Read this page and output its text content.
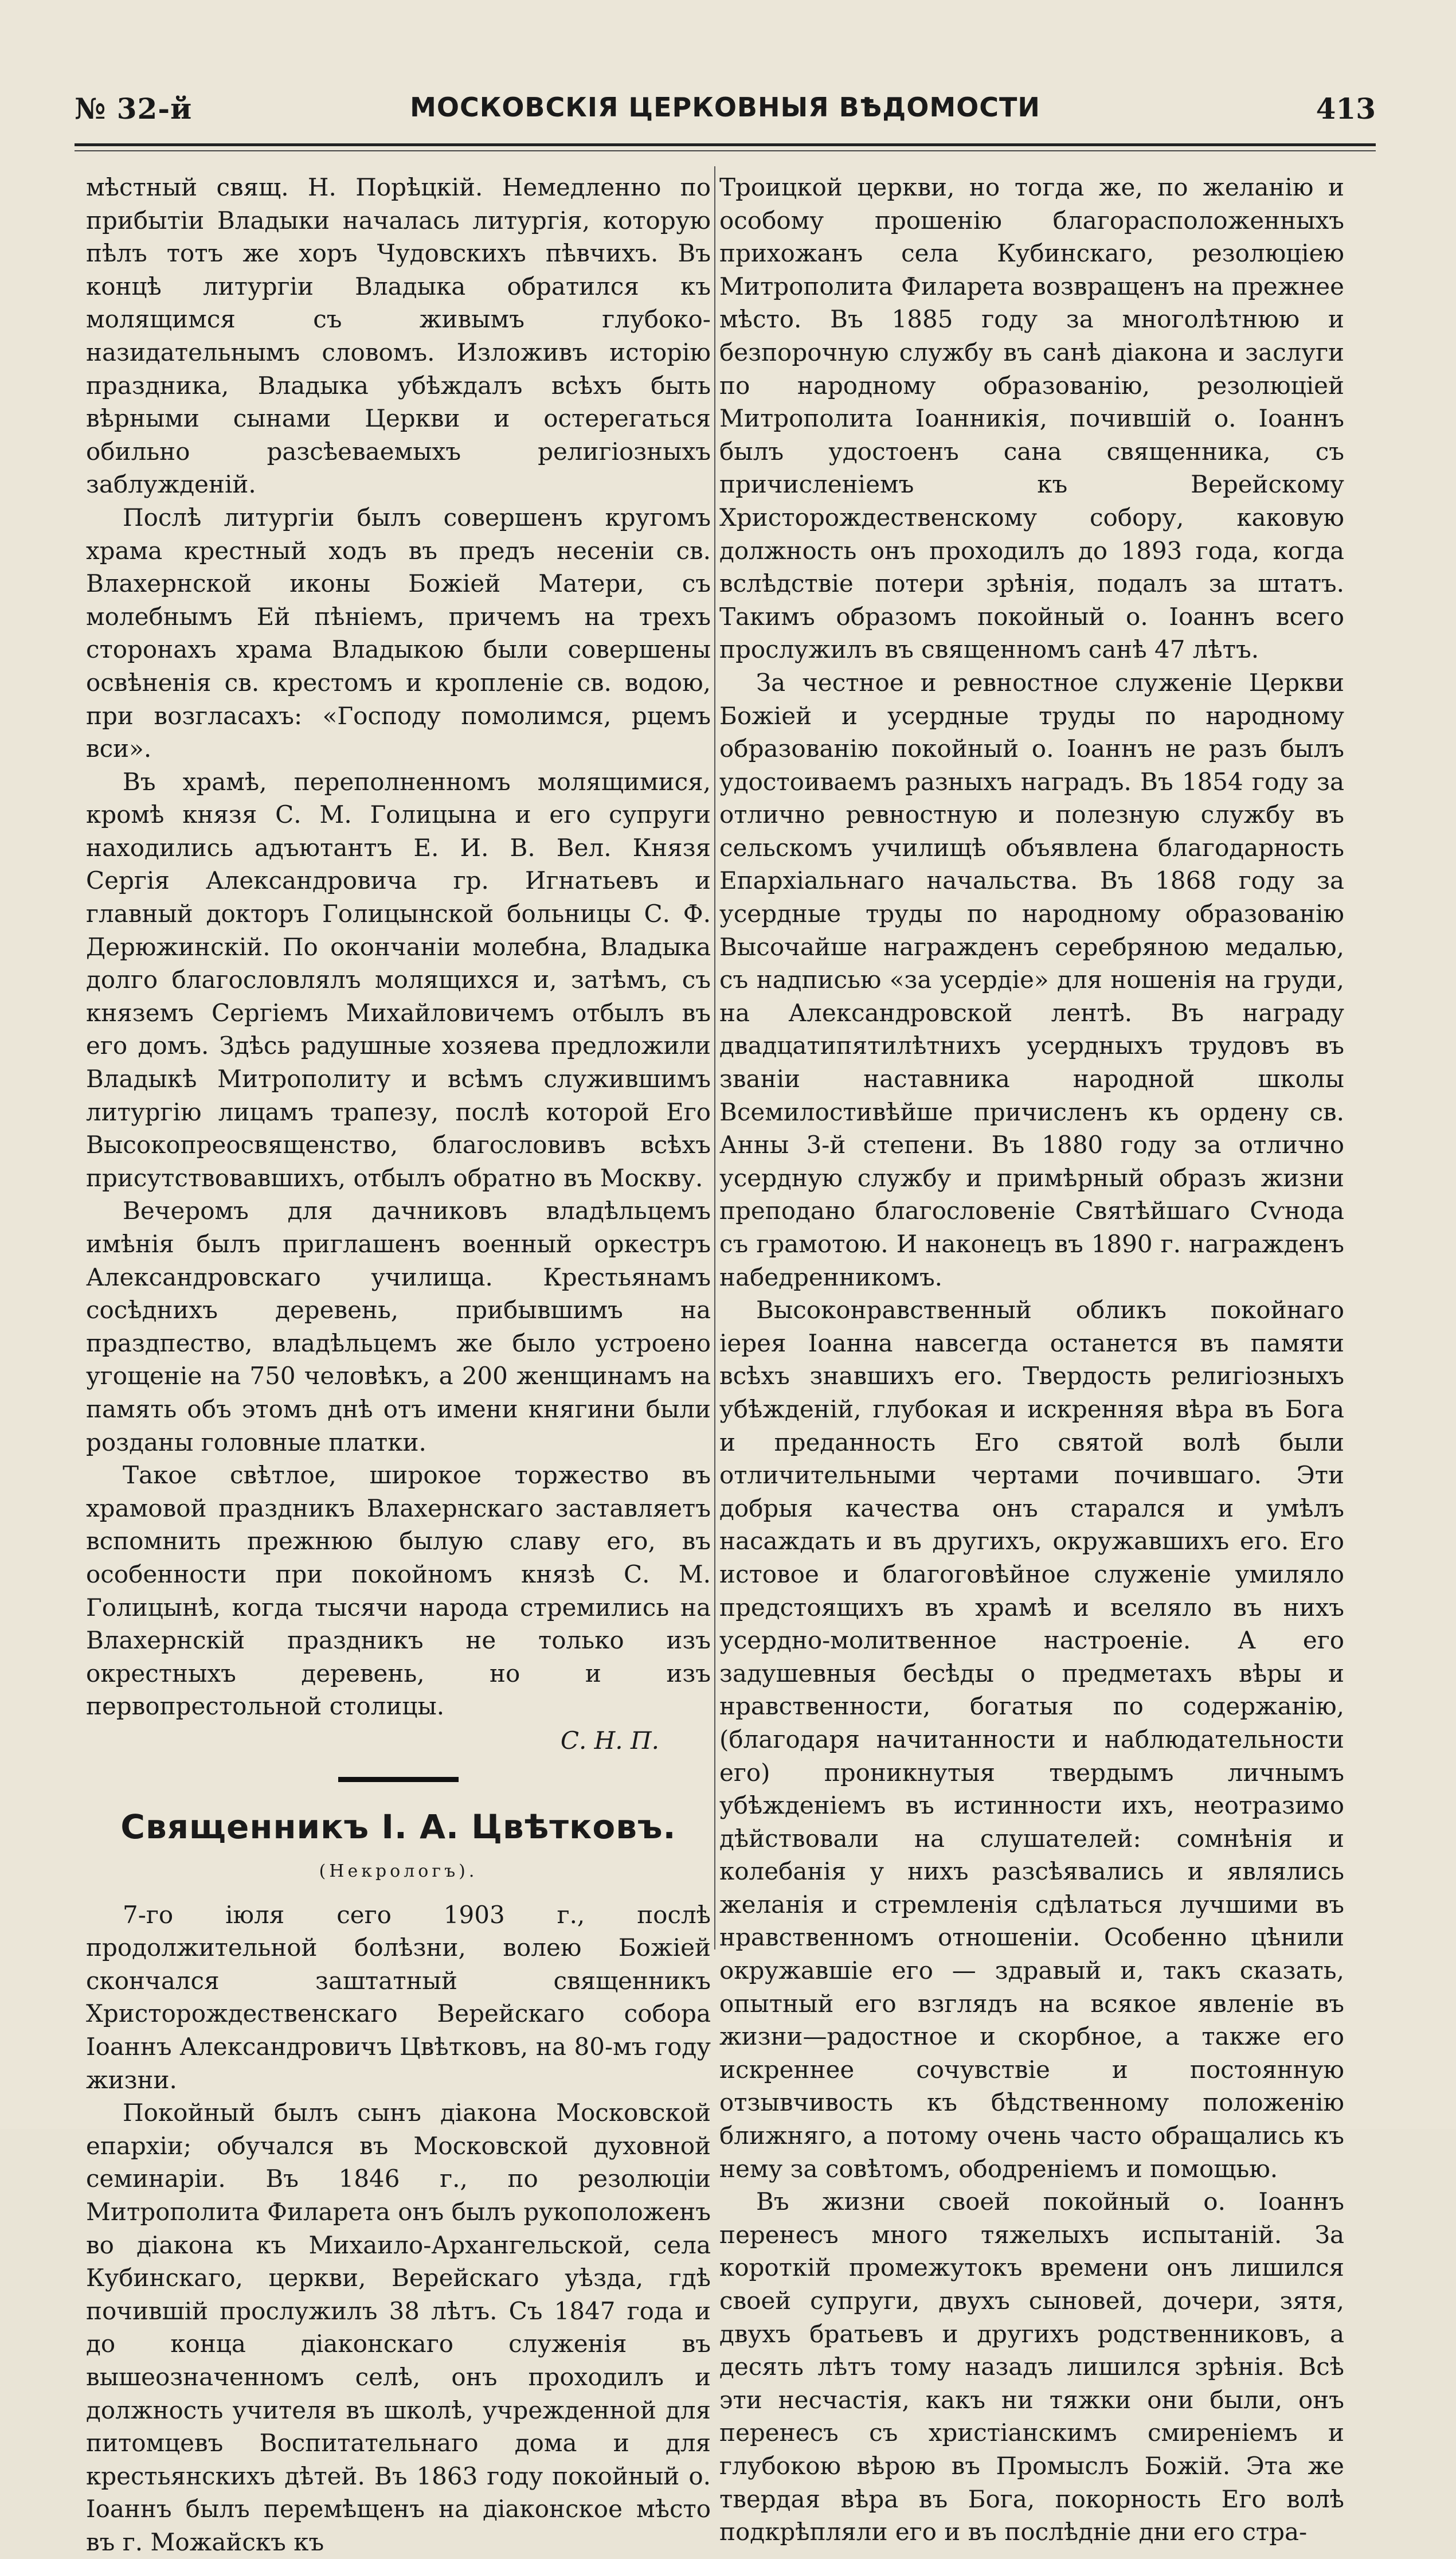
№ 32-й	МОСКОВСКІЯ ЦЕРКОВНЫЯ ВѢДОМОСТИ	413

мѣстный свящ. Н. Порѣцкій. Немедленно по прибытіи Владыки началась литургія, которую пѣлъ тотъ же хоръ Чудовскихъ пѣвчихъ. Въ концѣ литургіи Владыка обратился къ молящимся съ живымъ глубоко-назидательнымъ словомъ. Изложивъ исторію праздника, Владыка убѣждалъ всѣхъ быть вѣрными сынами Церкви и остерегаться обильно разсѣеваемыхъ религіозныхъ заблужденій.

Послѣ литургіи былъ совершенъ кругомъ храма крестный ходъ въ предъ несеніи св. Влахернской иконы Божіей Матери, съ молебнымъ Ей пѣніемъ, причемъ на трехъ сторонахъ храма Владыкою были совершены освѣненія св. крестомъ и кропленіе св. водою, при возгласахъ: «Господу помолимся, рцемъ вси».

Въ храмѣ, переполненномъ молящимися, кромѣ князя С. М. Голицына и его супруги находились адъютантъ Е. И. В. Вел. Князя Сергія Александровича гр. Игнатьевъ и главный докторъ Голицынской больницы С. Ф. Дерюжинскій. По окончаніи молебна, Владыка долго благословлялъ молящихся и, затѣмъ, съ княземъ Сергіемъ Михайловичемъ отбылъ въ его домъ. Здѣсь радушные хозяева предложили Владыкѣ Митрополиту и всѣмъ служившимъ литургію лицамъ трапезу, послѣ которой Его Высокопреосвященство, благословивъ всѣхъ присутствовавшихъ, отбылъ обратно въ Москву.

Вечеромъ для дачниковъ владѣльцемъ имѣнія былъ приглашенъ военный оркестръ Александровскаго училища. Крестьянамъ сосѣднихъ деревень, прибывшимъ на праздпество, владѣльцемъ же было устроено угощеніе на 750 человѣкъ, а 200 женщинамъ на память объ этомъ днѣ отъ имени княгини были розданы головные платки.

Такое свѣтлое, широкое торжество въ храмовой праздникъ Влахернскаго заставляетъ вспомнить прежнюю былую славу его, въ особенности при покойномъ князѣ С. М. Голицынѣ, когда тысячи народа стремились на Влахернскій праздникъ не только изъ окрестныхъ деревень, но и изъ первопрестольной столицы.

С. Н. П.
Священникъ І. А. Цвѣтковъ.
(Некрологъ).

7-го іюля сего 1903 г., послѣ продолжительной болѣзни, волею Божіей скончался заштатный священникъ Христорождественскаго Верейскаго собора Іоаннъ Александровичъ Цвѣтковъ, на 80-мъ году жизни.

Покойный былъ сынъ діакона Московской епархіи; обучался въ Московской духовной семинаріи. Въ 1846 г., по резолюціи Митрополита Филарета онъ былъ рукоположенъ во діакона къ Михаило-Архангельской, села Кубинскаго, церкви, Верейскаго уѣзда, гдѣ почившій прослужилъ 38 лѣтъ. Съ 1847 года и до конца діаконскаго служенія въ вышеозначенномъ селѣ, онъ проходилъ и должность учителя въ школѣ, учрежденной для питомцевъ Воспитательнаго дома и для крестьянскихъ дѣтей. Въ 1863 году покойный о. Іоаннъ былъ перемѣщенъ на діаконское мѣсто въ г. Можайскъ къ

Троицкой церкви, но тогда же, по желанію и особому прошенію благорасположенныхъ прихожанъ села Кубинскаго, резолюціею Митрополита Филарета возвращенъ на прежнее мѣсто. Въ 1885 году за многолѣтнюю и безпорочную службу въ санѣ діакона и заслуги по народному образованію, резолюціей Митрополита Іоанникія, почившій о. Іоаннъ былъ удостоенъ сана священника, съ причисленіемъ къ Верейскому Христорождественскому собору, каковую должность онъ проходилъ до 1893 года, когда вслѣдствіе потери зрѣнія, подалъ за штатъ. Такимъ образомъ покойный о. Іоаннъ всего прослужилъ въ священномъ санѣ 47 лѣтъ.

За честное и ревностное служеніе Церкви Божіей и усердные труды по народному образованію покойный о. Іоаннъ не разъ былъ удостоиваемъ разныхъ наградъ. Въ 1854 году за отлично ревностную и полезную службу въ сельскомъ училищѣ объявлена благодарность Епархіальнаго начальства. Въ 1868 году за усердные труды по народному образованію Высочайше награжденъ серебряною медалью, съ надписью «за усердіе» для ношенія на груди, на Александровской лентѣ. Въ награду двадцатипятилѣтнихъ усердныхъ трудовъ въ званіи наставника народной школы Всемилостивѣйше причисленъ къ ордену св. Анны 3-й степени. Въ 1880 году за отлично усердную службу и примѣрный образъ жизни преподано благословеніе Святѣйшаго Сѵнода съ грамотою. И наконецъ въ 1890 г. награжденъ набедренникомъ.

Высоконравственный обликъ покойнаго іерея Іоанна навсегда останется въ памяти всѣхъ знавшихъ его. Твердость религіозныхъ убѣжденій, глубокая и искренняя вѣра въ Бога и преданность Его святой волѣ были отличительными чертами почившаго. Эти добрыя качества онъ старался и умѣлъ насаждать и въ другихъ, окружавшихъ его. Его истовое и благоговѣйное служеніе умиляло предстоящихъ въ храмѣ и вселяло въ нихъ усердно-молитвенное настроеніе. А его задушевныя бесѣды о предметахъ вѣры и нравственности, богатыя по содержанію, (благодаря начитанности и наблюдательности его) проникнутыя твердымъ личнымъ убѣжденіемъ въ истинности ихъ, неотразимо дѣйствовали на слушателей: сомнѣнія и колебанія у нихъ разсѣявались и являлись желанія и стремленія сдѣлаться лучшими въ нравственномъ отношеніи. Особенно цѣнили окружавшіе его — здравый и, такъ сказать, опытный его взглядъ на всякое явленіе въ жизни—радостное и скорбное, а также его искреннее сочувствіе и постоянную отзывчивость къ бѣдственному положенію ближняго, а потому очень часто обращались къ нему за совѣтомъ, ободреніемъ и помощью.

Въ жизни своей покойный о. Іоаннъ перенесъ много тяжелыхъ испытаній. За короткій промежутокъ времени онъ лишился своей супруги, двухъ сыновей, дочери, зятя, двухъ братьевъ и другихъ родственниковъ, а десять лѣтъ тому назадъ лишился зрѣнія. Всѣ эти несчастія, какъ ни тяжки они были, онъ перенесъ съ христіанскимъ смиреніемъ и глубокою вѣрою въ Промыслъ Божій. Эта же твердая вѣра въ Бога, покорность Его волѣ подкрѣпляли его и въ послѣдніе дни его стра-
